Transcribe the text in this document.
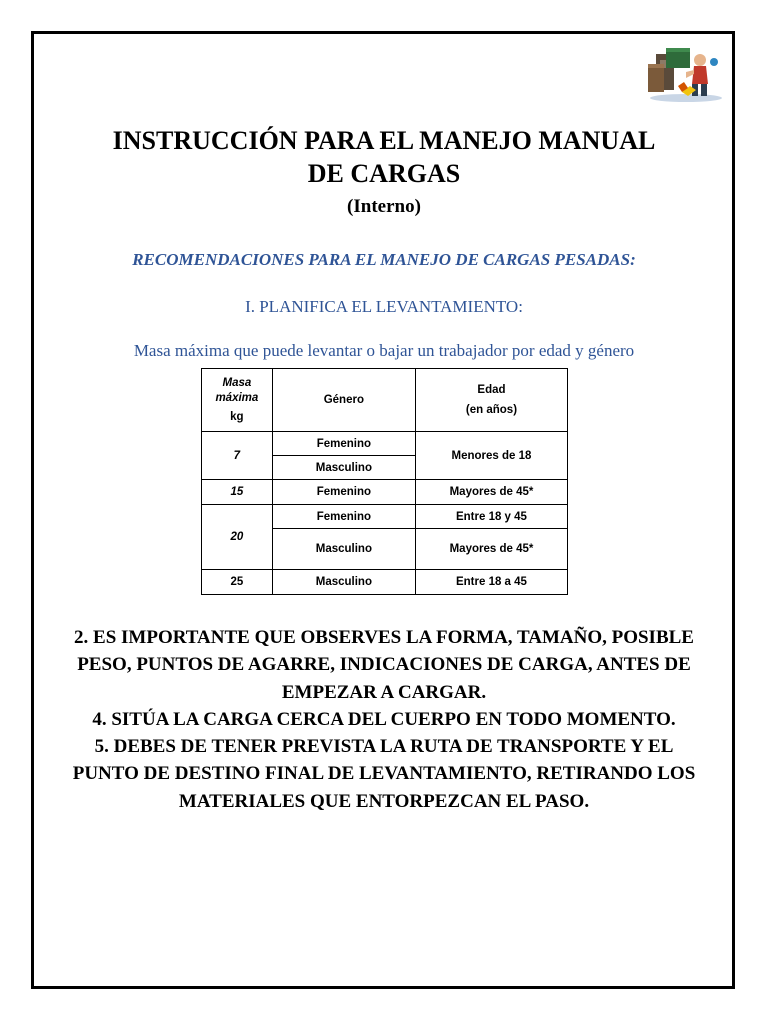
INSTRUCCIÓN PARA EL MANEJO MANUAL
DE CARGAS
(Interno)
RECOMENDACIONES PARA EL MANEJO DE CARGAS PESADAS:
I. PLANIFICA EL LEVANTAMIENTO:
Masa máxima que puede levantar o bajar un trabajador por edad y género
Masa
máxima
kg	Género	Edad
(en años)

7	Femenino	Menores de 18
	Masculino	
15	Femenino	Mayores de 45*
20	Femenino	Entre 18 y 45
	Masculino	Mayores de 45*
25	Masculino	Entre 18 a 45

2. ES IMPORTANTE QUE OBSERVES LA FORMA, TAMAÑO, POSIBLE PESO, PUNTOS DE AGARRE, INDICACIONES DE CARGA, ANTES DE EMPEZAR A CARGAR.

4. SITÚA LA CARGA CERCA DEL CUERPO EN TODO MOMENTO.

5. DEBES DE TENER PREVISTA LA RUTA DE TRANSPORTE Y EL PUNTO DE DESTINO FINAL DE LEVANTAMIENTO, RETIRANDO LOS MATERIALES QUE ENTORPEZCAN EL PASO.
